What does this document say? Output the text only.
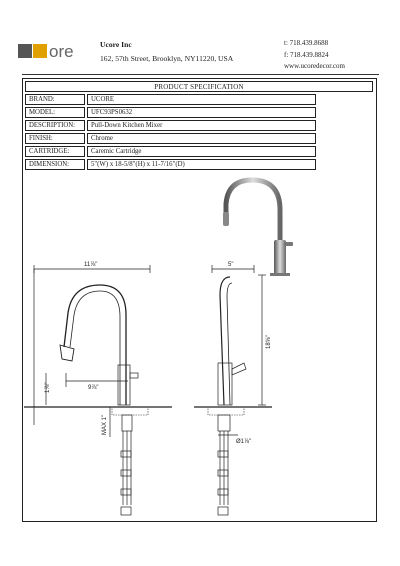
ore	Ucore Inc
162, 57th Street, Brooklyn, NY11220, USA
t: 718.439.8688
f: 718.439.8824
www.ucoredecor.com
PRODUCT SPECIFICATION
BRAND:	UCORE
MODEL:	UFC93PS0632
DESCRIPTION:	Pull-Down Kitchen Mixer
FINISH:	Chrome
CARTRIDGE:	Caremic Cartridge
DIMENSION:	5"(W) x 18-5/8"(H) x 11-7/16"(D)
11⅞"
1⅞"	9⅞"
MAX 1"
5"
18⅝"
Ø1⅞"
